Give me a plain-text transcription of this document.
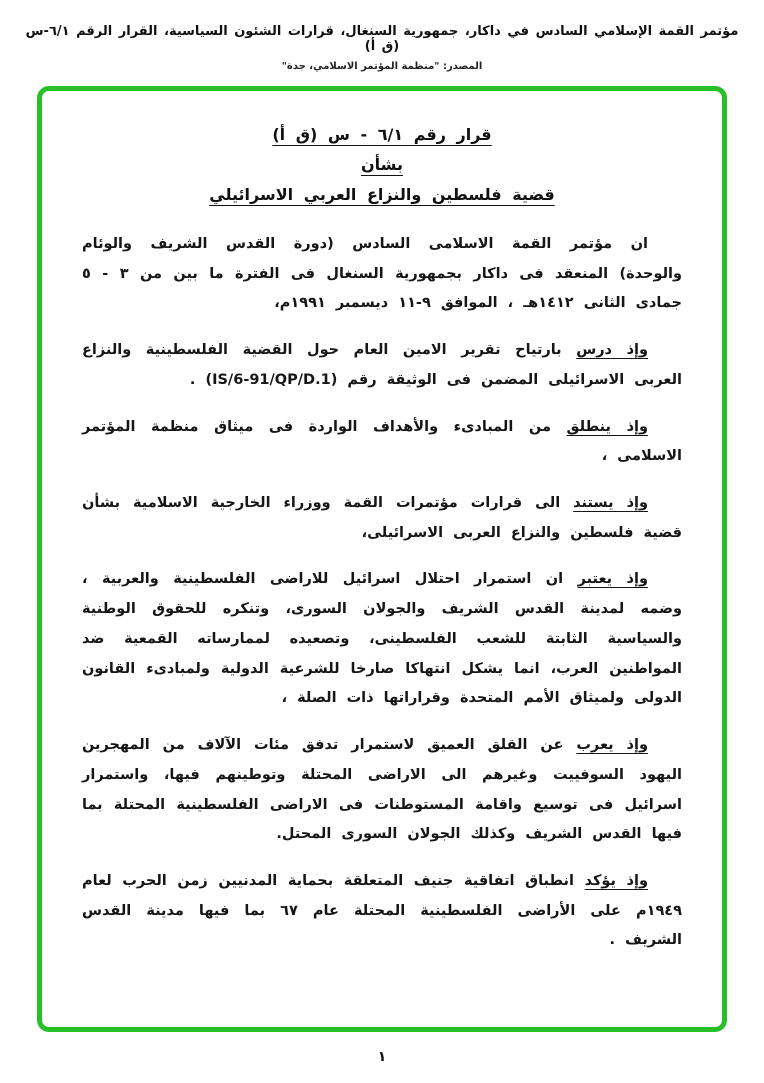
مؤتمر القمة الإسلامي السادس في داكار، جمهورية السنغال، قرارات الشئون السياسية، القرار الرقم ٦/١-س (ق أ)
المصدر: "منظمة المؤتمر الاسلامي، جدة"
قرار رقم ٦/١ - س (ق أ)
بشأن
قضية فلسطين والنزاع العربي الاسرائيلي

ان مؤتمر القمة الاسلامى السادس (دورة القدس الشريف والوئام والوحدة) المنعقد فى داكار بجمهورية السنغال فى الفترة ما بين من ٣ - ٥ جمادى الثانى ١٤١٢هـ ، الموافق ٩-١١ ديسمبر ١٩٩١م،

وإذ درس بارتياح تقرير الامين العام حول القضية الفلسطينية والنزاع العربى الاسرائيلى المضمن فى الوثيقة رقم (IS/6-91/QP/D.1) .

وإذ ينطلق من المبادىء والأهداف الواردة فى ميثاق منظمة المؤتمر الاسلامى ،

وإذ يستند الى قرارات مؤتمرات القمة ووزراء الخارجية الاسلامية بشأن قضية فلسطين والنزاع العربى الاسرائيلى،

وإذ يعتبر ان استمرار احتلال اسرائيل للاراضى الفلسطينية والعربية ، وضمه لمدينة القدس الشريف والجولان السورى، وتنكره للحقوق الوطنية والسياسية الثابتة للشعب الفلسطينى، وتصعيده لممارساته القمعية ضد المواطنين العرب، انما يشكل انتهاكا صارخا للشرعية الدولية ولمبادىء القانون الدولى ولميثاق الأمم المتحدة وقراراتها ذات الصلة ،

وإذ يعرب عن القلق العميق لاستمرار تدفق مئات الآلاف من المهجرين اليهود السوفييت وغيرهم الى الاراضى المحتلة وتوطينهم فيها، واستمرار اسرائيل فى توسيع واقامة المستوطنات فى الاراضى الفلسطينية المحتلة بما فيها القدس الشريف وكذلك الجولان السورى المحتل.

وإذ يؤكد انطباق اتفاقية جنيف المتعلقة بحماية المدنيين زمن الحرب لعام ١٩٤٩م على الأراضى الفلسطينية المحتلة عام ٦٧ بما فيها مدينة القدس الشريف .

١
